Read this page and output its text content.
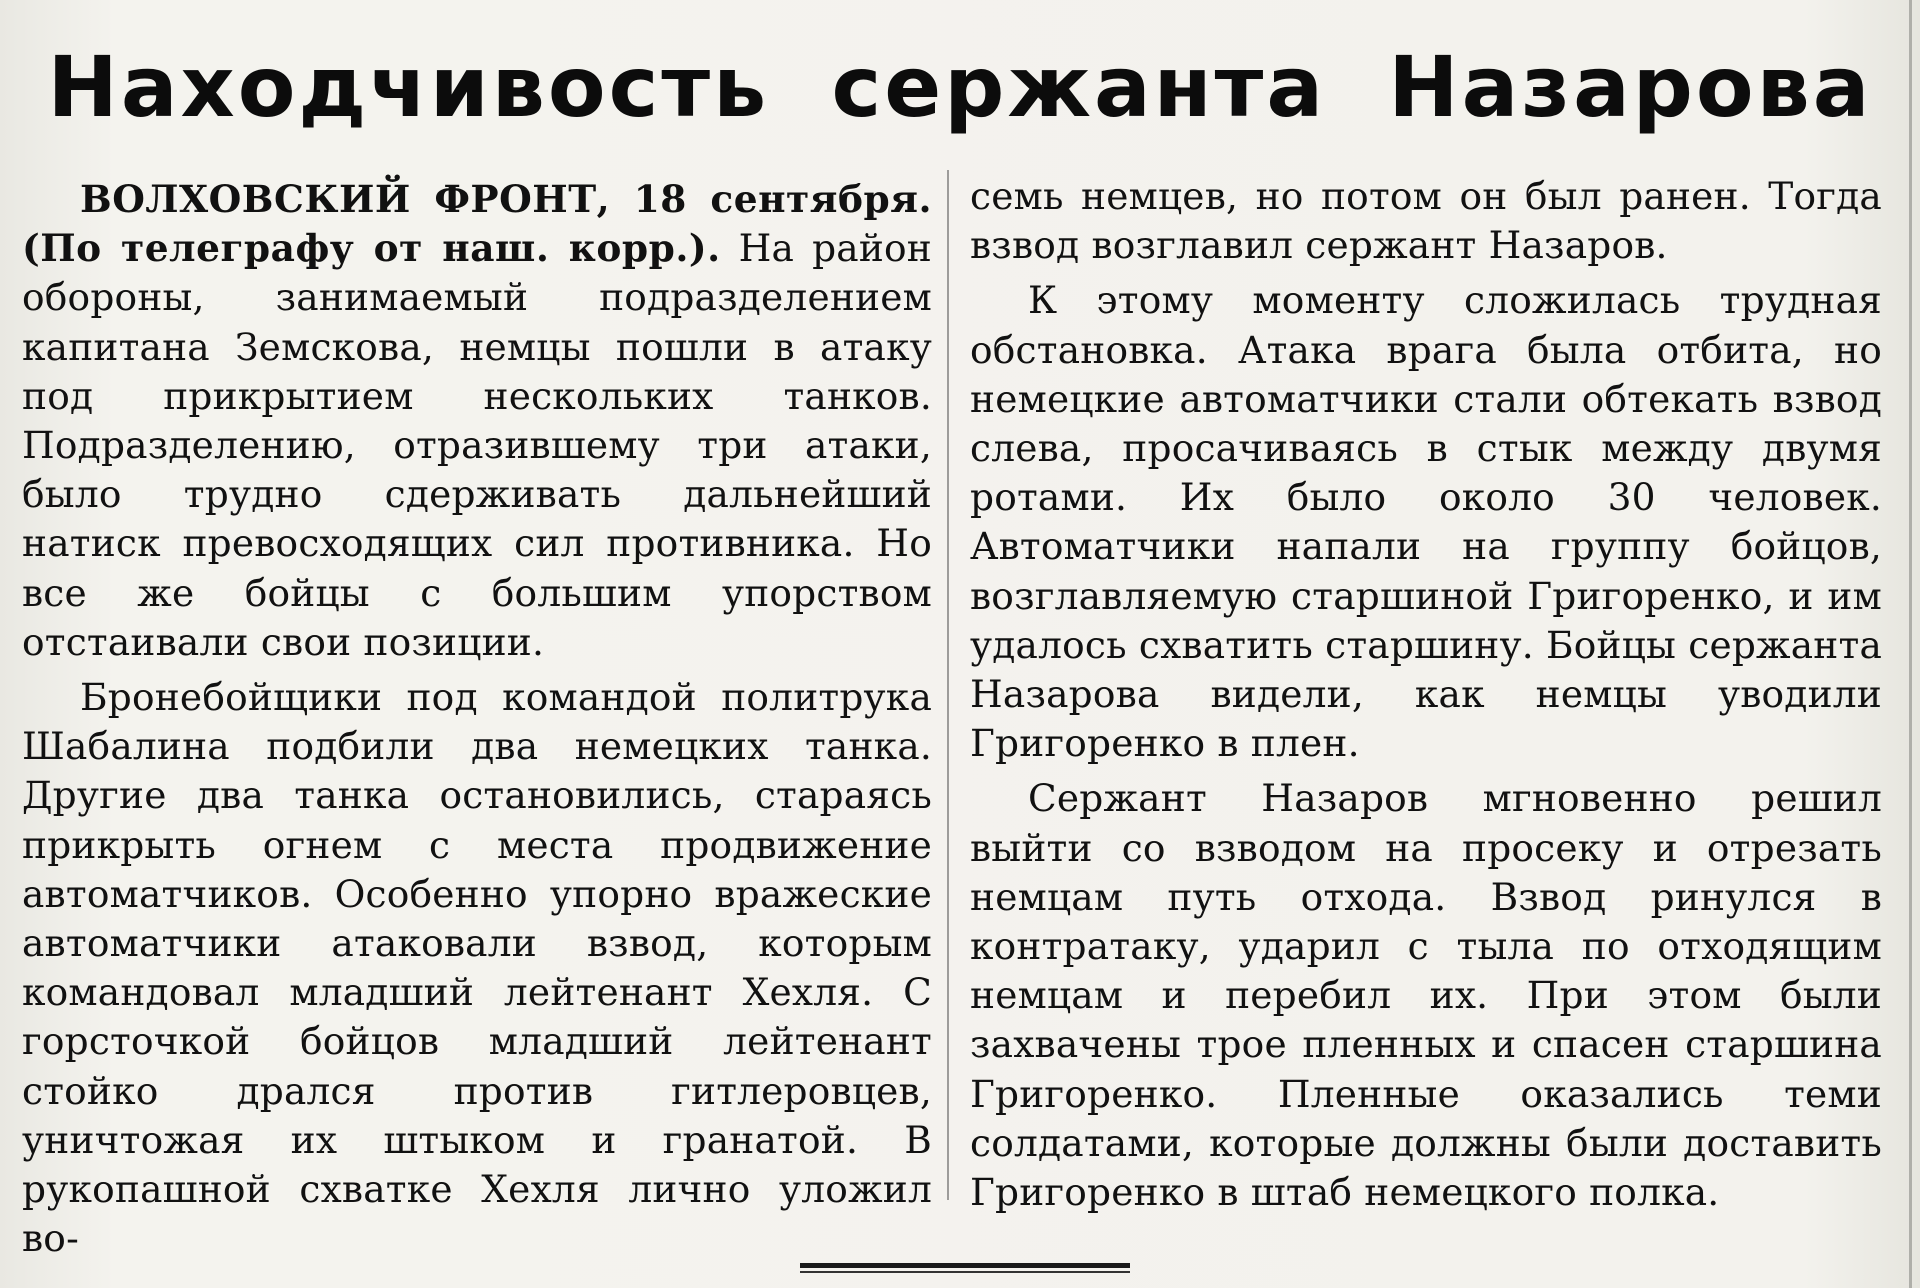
Находчивость сержанта Назарова

ВОЛХОВСКИЙ ФРОНТ, 18 сентября. (По телеграфу от наш. корр.). На район обороны, занимаемый подразделением капитана Земскова, немцы пошли в атаку под прикрытием нескольких танков. Подразделению, отразившему три атаки, было трудно сдерживать дальнейший натиск превосходящих сил противника. Но все же бойцы с большим упорством отстаивали свои позиции.

Бронебойщики под командой политрука Шабалина подбили два немецких танка. Другие два танка остановились, стараясь прикрыть огнем с места продвижение автоматчиков. Особенно упорно вражеские автоматчики атаковали взвод, которым командовал младший лейтенант Хехля. С горсточкой бойцов младший лейтенант стойко дрался против гитлеровцев, уничтожая их штыком и гранатой. В рукопашной схватке Хехля лично уложил во-

семь немцев, но потом он был ранен. Тогда взвод возглавил сержант Назаров.

К этому моменту сложилась трудная обстановка. Атака врага была отбита, но немецкие автоматчики стали обтекать взвод слева, просачиваясь в стык между двумя ротами. Их было около 30 человек. Автоматчики напали на группу бойцов, возглавляемую старшиной Григоренко, и им удалось схватить старшину. Бойцы сержанта Назарова видели, как немцы уводили Григоренко в плен.

Сержант Назаров мгновенно решил выйти со взводом на просеку и отрезать немцам путь отхода. Взвод ринулся в контратаку, ударил с тыла по отходящим немцам и перебил их. При этом были захвачены трое пленных и спасен старшина Григоренко. Пленные оказались теми солдатами, которые должны были доставить Григоренко в штаб немецкого полка.
